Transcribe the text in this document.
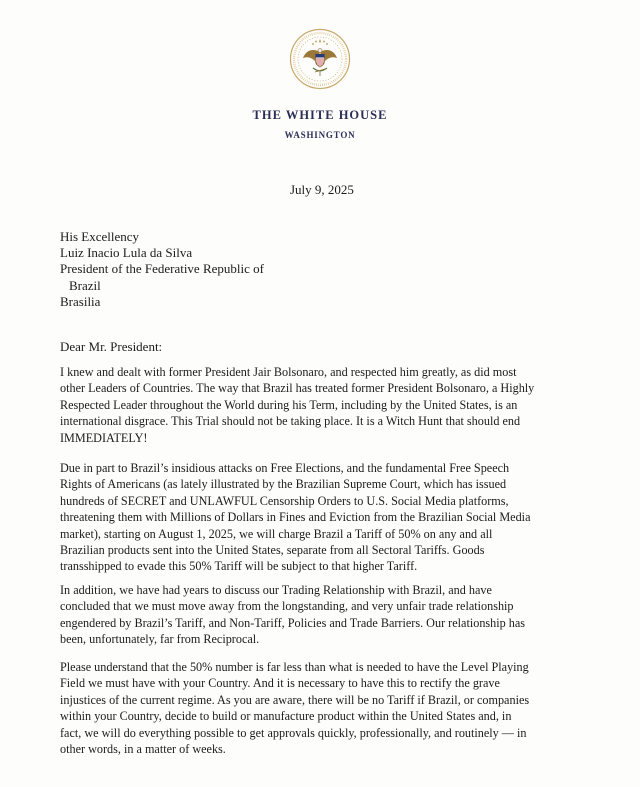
THE WHITE HOUSE
WASHINGTON
July 9, 2025
His Excellency
Luiz Inacio Lula da Silva
President of the Federative Republic of
Brazil
Brasilia
Dear Mr. President:
I knew and dealt with former President Jair Bolsonaro, and respected him greatly, as did most
other Leaders of Countries. The way that Brazil has treated former President Bolsonaro, a Highly
Respected Leader throughout the World during his Term, including by the United States, is an
international disgrace. This Trial should not be taking place. It is a Witch Hunt that should end
IMMEDIATELY!
Due in part to Brazil’s insidious attacks on Free Elections, and the fundamental Free Speech
Rights of Americans (as lately illustrated by the Brazilian Supreme Court, which has issued
hundreds of SECRET and UNLAWFUL Censorship Orders to U.S. Social Media platforms,
threatening them with Millions of Dollars in Fines and Eviction from the Brazilian Social Media
market), starting on August 1, 2025, we will charge Brazil a Tariff of 50% on any and all
Brazilian products sent into the United States, separate from all Sectoral Tariffs. Goods
transshipped to evade this 50% Tariff will be subject to that higher Tariff.
In addition, we have had years to discuss our Trading Relationship with Brazil, and have
concluded that we must move away from the longstanding, and very unfair trade relationship
engendered by Brazil’s Tariff, and Non-Tariff, Policies and Trade Barriers. Our relationship has
been, unfortunately, far from Reciprocal.
Please understand that the 50% number is far less than what is needed to have the Level Playing
Field we must have with your Country. And it is necessary to have this to rectify the grave
injustices of the current regime. As you are aware, there will be no Tariff if Brazil, or companies
within your Country, decide to build or manufacture product within the United States and, in
fact, we will do everything possible to get approvals quickly, professionally, and routinely — in
other words, in a matter of weeks.
